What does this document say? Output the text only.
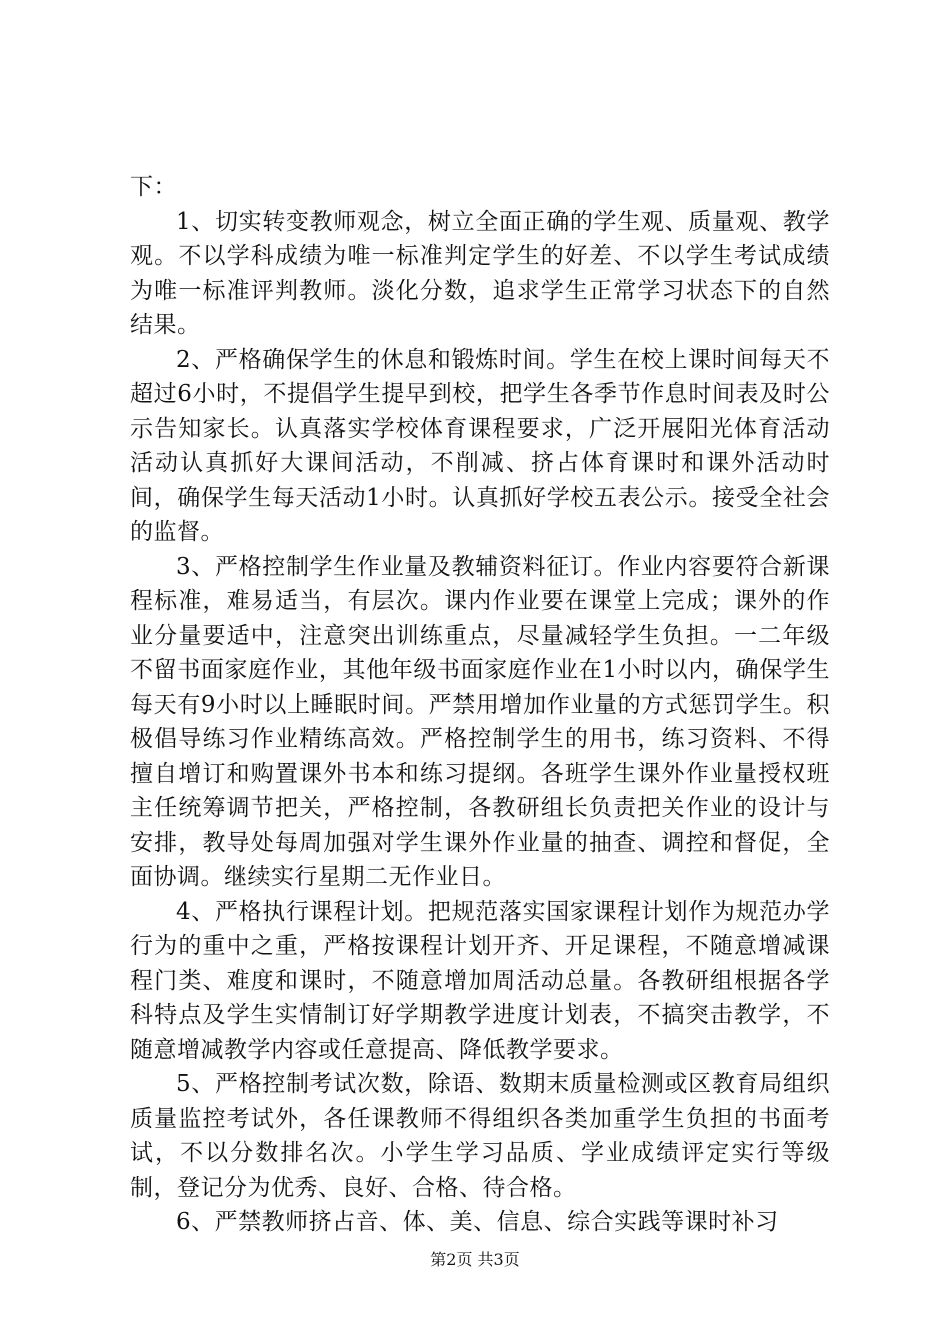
下：

1、切实转变教师观念，树立全面正确的学生观、质量观、教学观。不以学科成绩为唯一标准判定学生的好差、不以学生考试成绩为唯一标准评判教师。淡化分数，追求学生正常学习状态下的自然结果。

2、严格确保学生的休息和锻炼时间。学生在校上课时间每天不超过6小时，不提倡学生提早到校，把学生各季节作息时间表及时公示告知家长。认真落实学校体育课程要求，广泛开展阳光体育活动活动认真抓好大课间活动，不削减、挤占体育课时和课外活动时间，确保学生每天活动1小时。认真抓好学校五表公示。接受全社会的监督。

3、严格控制学生作业量及教辅资料征订。作业内容要符合新课程标准，难易适当，有层次。课内作业要在课堂上完成；课外的作业分量要适中，注意突出训练重点，尽量减轻学生负担。一二年级不留书面家庭作业，其他年级书面家庭作业在1小时以内，确保学生每天有9小时以上睡眠时间。严禁用增加作业量的方式惩罚学生。积极倡导练习作业精练高效。严格控制学生的用书，练习资料、不得擅自增订和购置课外书本和练习提纲。各班学生课外作业量授权班主任统筹调节把关，严格控制，各教研组长负责把关作业的设计与安排，教导处每周加强对学生课外作业量的抽查、调控和督促，全面协调。继续实行星期二无作业日。

4、严格执行课程计划。把规范落实国家课程计划作为规范办学行为的重中之重，严格按课程计划开齐、开足课程，不随意增减课程门类、难度和课时，不随意增加周活动总量。各教研组根据各学科特点及学生实情制订好学期教学进度计划表，不搞突击教学，不随意增减教学内容或任意提高、降低教学要求。

5、严格控制考试次数，除语、数期末质量检测或区教育局组织质量监控考试外，各任课教师不得组织各类加重学生负担的书面考试，不以分数排名次。小学生学习品质、学业成绩评定实行等级制，登记分为优秀、良好、合格、待合格。

6、严禁教师挤占音、体、美、信息、综合实践等课时补习

第2页 共3页
